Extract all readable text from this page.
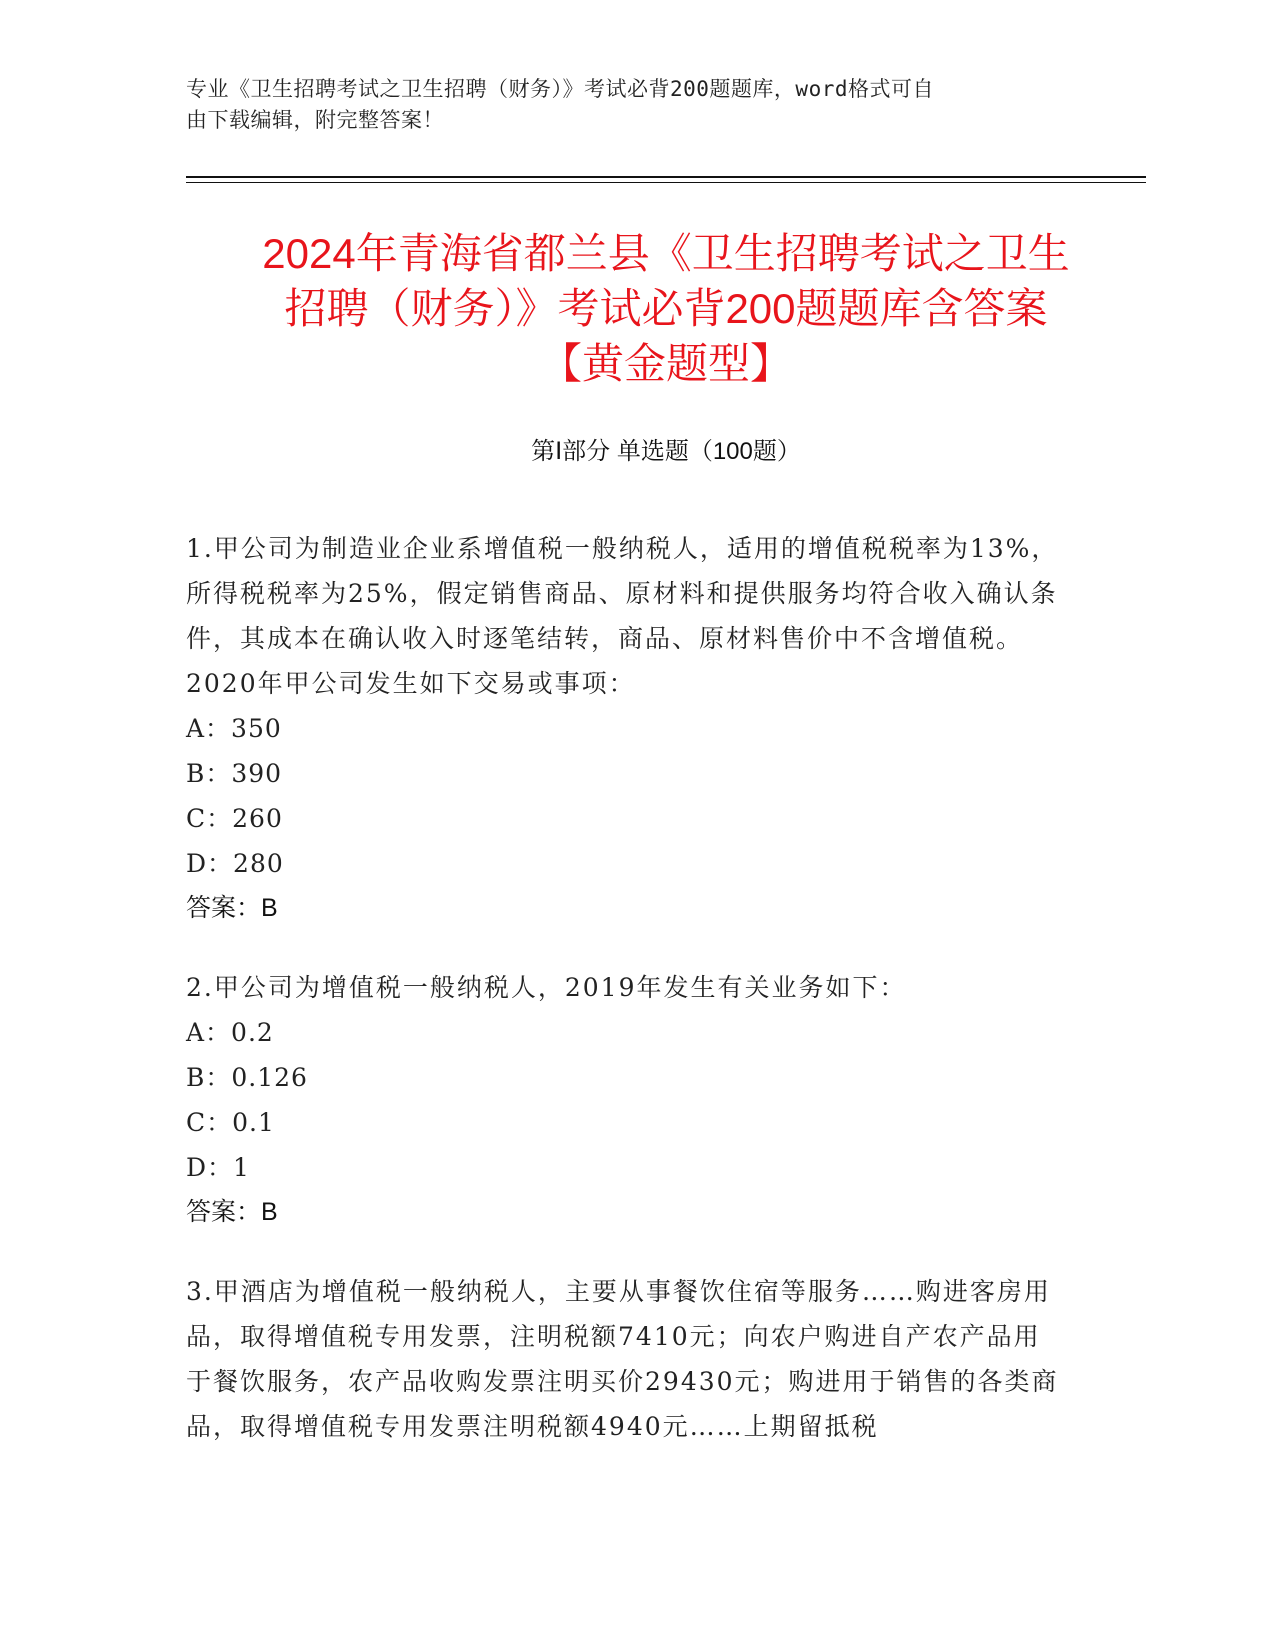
专业《卫生招聘考试之卫生招聘（财务）》考试必背200题题库，word格式可自
由下载编辑，附完整答案！
2024年青海省都兰县《卫生招聘考试之卫生
招聘（财务）》考试必背200题题库含答案
【黄金题型】
第Ⅰ部分 单选题（100题）

1.甲公司为制造业企业系增值税一般纳税人，适用的增值税税率为13%，所得税税率为25%，假定销售商品、原材料和提供服务均符合收入确认条件，其成本在确认收入时逐笔结转，商品、原材料售价中不含增值税。2020年甲公司发生如下交易或事项：

A：350

B：390

C：260

D：280

答案：B

2.甲公司为增值税一般纳税人，2019年发生有关业务如下：

A：0.2

B：0.126

C：0.1

D：1

答案：B

3.甲酒店为增值税一般纳税人，主要从事餐饮住宿等服务……购进客房用品，取得增值税专用发票，注明税额7410元；向农户购进自产农产品用于餐饮服务，农产品收购发票注明买价29430元；购进用于销售的各类商品，取得增值税专用发票注明税额4940元……上期留抵税
